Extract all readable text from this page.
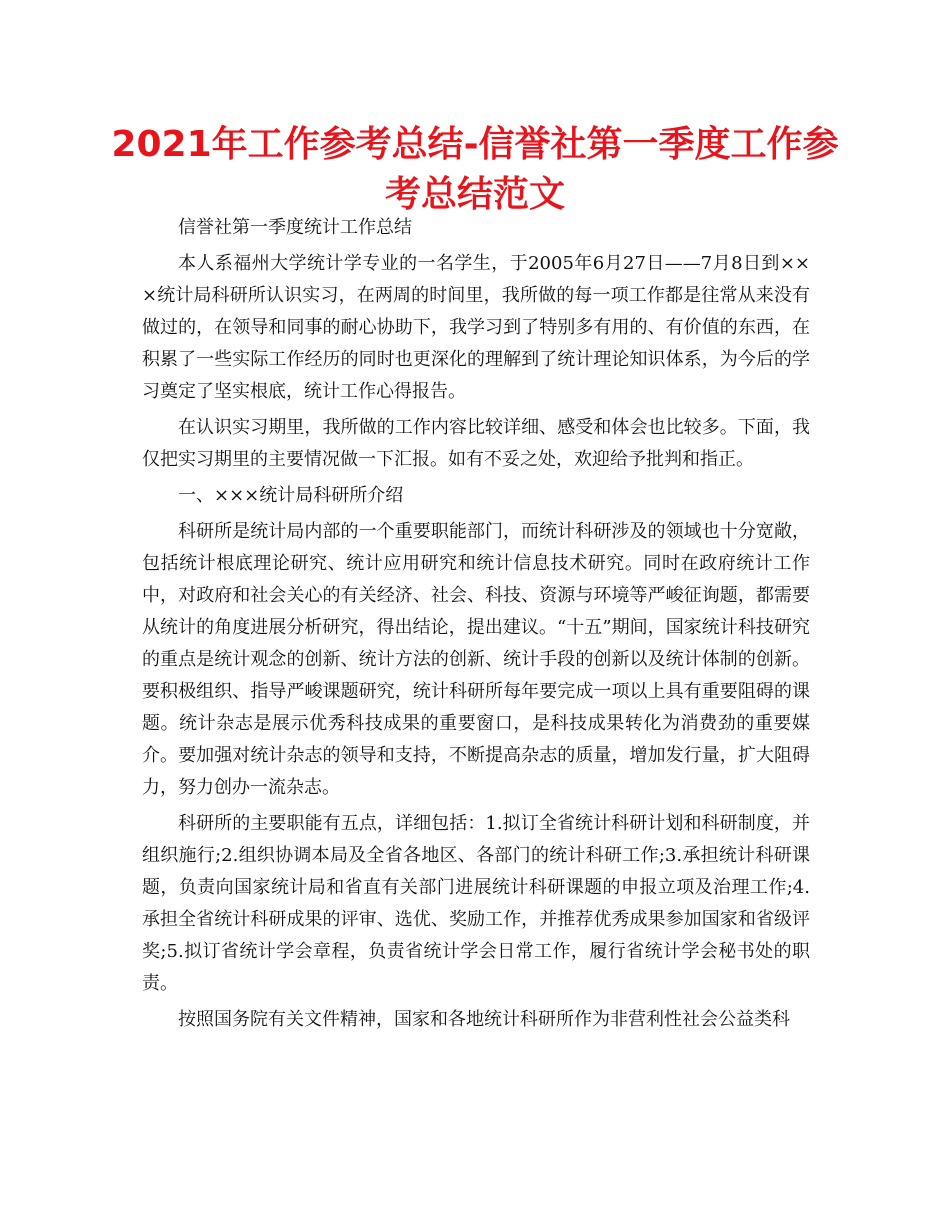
2021年工作参考总结-信誉社第一季度工作参考总结范文

信誉社第一季度统计工作总结

本人系福州大学统计学专业的一名学生，于2005年6月27日——7月8日到×××统计局科研所认识实习，在两周的时间里，我所做的每一项工作都是往常从来没有做过的，在领导和同事的耐心协助下，我学习到了特别多有用的、有价值的东西，在积累了一些实际工作经历的同时也更深化的理解到了统计理论知识体系，为今后的学习奠定了坚实根底，统计工作心得报告。

在认识实习期里，我所做的工作内容比较详细、感受和体会也比较多。下面，我仅把实习期里的主要情况做一下汇报。如有不妥之处，欢迎给予批判和指正。

一、×××统计局科研所介绍

科研所是统计局内部的一个重要职能部门，而统计科研涉及的领域也十分宽敞，包括统计根底理论研究、统计应用研究和统计信息技术研究。同时在政府统计工作中，对政府和社会关心的有关经济、社会、科技、资源与环境等严峻征询题，都需要从统计的角度进展分析研究，得出结论，提出建议。“十五”期间，国家统计科技研究的重点是统计观念的创新、统计方法的创新、统计手段的创新以及统计体制的创新。要积极组织、指导严峻课题研究，统计科研所每年要完成一项以上具有重要阻碍的课题。统计杂志是展示优秀科技成果的重要窗口，是科技成果转化为消费劲的重要媒介。要加强对统计杂志的领导和支持，不断提高杂志的质量，增加发行量，扩大阻碍力，努力创办一流杂志。

科研所的主要职能有五点，详细包括：1.拟订全省统计科研计划和科研制度，并组织施行;2.组织协调本局及全省各地区、各部门的统计科研工作;3.承担统计科研课题，负责向国家统计局和省直有关部门进展统计科研课题的申报立项及治理工作;4.承担全省统计科研成果的评审、选优、奖励工作，并推荐优秀成果参加国家和省级评奖;5.拟订省统计学会章程，负责省统计学会日常工作，履行省统计学会秘书处的职责。

按照国务院有关文件精神，国家和各地统计科研所作为非营利性社会公益类科
